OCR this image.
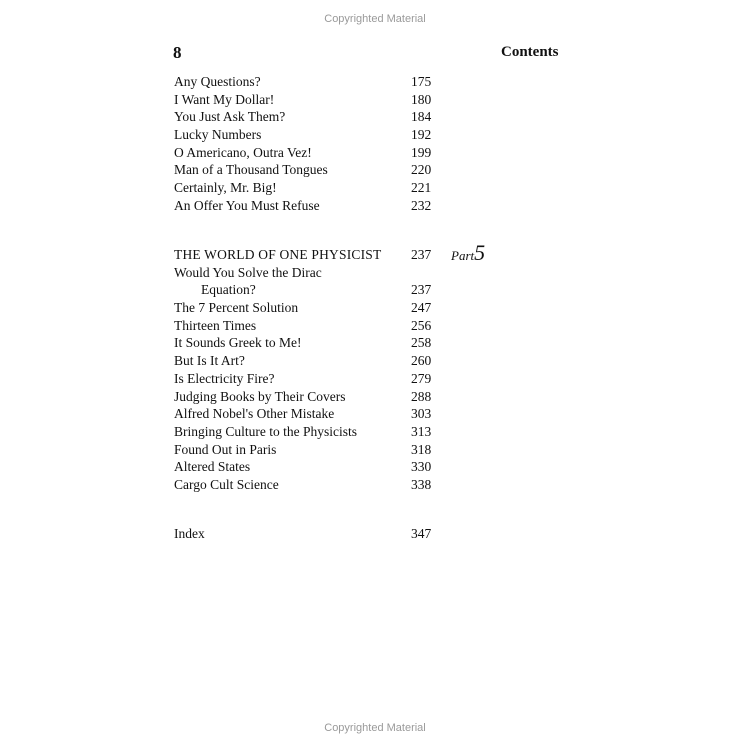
Copyrighted Material
8	Contents
Any Questions?	175
I Want My Dollar!	180
You Just Ask Them?	184
Lucky Numbers	192
O Americano, Outra Vez!	199
Man of a Thousand Tongues	220
Certainly, Mr. Big!	221
An Offer You Must Refuse	232
Part5
THE WORLD OF ONE PHYSICIST 237
Would You Solve the Dirac
Equation?	237
The 7 Percent Solution	247
Thirteen Times	256
It Sounds Greek to Me!	258
But Is It Art?	260
Is Electricity Fire?	279
Judging Books by Their Covers	288
Alfred Nobel's Other Mistake	303
Bringing Culture to the Physicists	313
Found Out in Paris	318
Altered States	330
Cargo Cult Science	338
Index	347
Copyrighted Material
